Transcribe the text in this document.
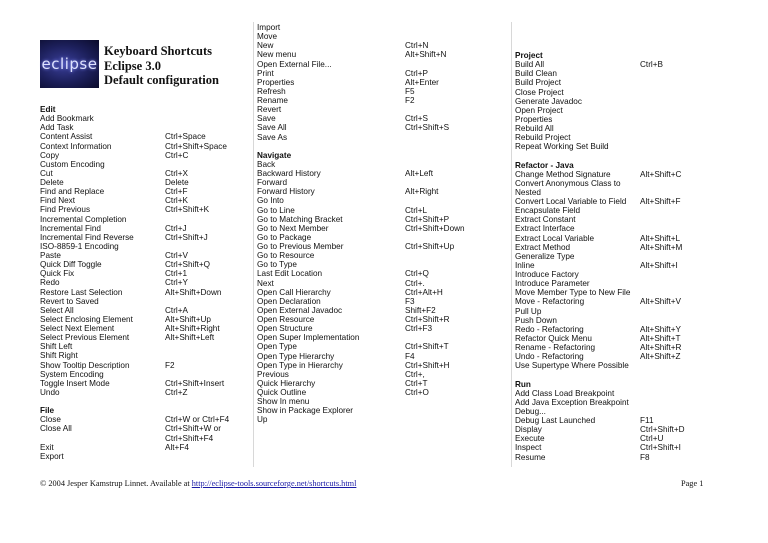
eclipse
Keyboard Shortcuts
Eclipse 3.0
Default configuration
Edit
Add Bookmark
Add Task
Content Assist	Ctrl+Space
Context Information	Ctrl+Shift+Space
Copy	Ctrl+C
Custom Encoding
Cut	Ctrl+X
Delete	Delete
Find and Replace	Ctrl+F
Find Next	Ctrl+K
Find Previous	Ctrl+Shift+K
Incremental Completion
Incremental Find	Ctrl+J
Incremental Find Reverse	Ctrl+Shift+J
ISO-8859-1 Encoding
Paste	Ctrl+V
Quick Diff Toggle	Ctrl+Shift+Q
Quick Fix	Ctrl+1
Redo	Ctrl+Y
Restore Last Selection	Alt+Shift+Down
Revert to Saved
Select All	Ctrl+A
Select Enclosing Element	Alt+Shift+Up
Select Next Element	Alt+Shift+Right
Select Previous Element	Alt+Shift+Left
Shift Left
Shift Right
Show Tooltip Description	F2
System Encoding
Toggle Insert Mode	Ctrl+Shift+Insert
Undo	Ctrl+Z
File
Close	Ctrl+W or Ctrl+F4
Close All	Ctrl+Shift+W or
Ctrl+Shift+F4
Exit	Alt+F4
Export
Import
Move
New	Ctrl+N
New menu	Alt+Shift+N
Open External File...
Print	Ctrl+P
Properties	Alt+Enter
Refresh	F5
Rename	F2
Revert
Save	Ctrl+S
Save All	Ctrl+Shift+S
Save As
Navigate
Back
Backward History	Alt+Left
Forward
Forward History	Alt+Right
Go Into
Go to Line	Ctrl+L
Go to Matching Bracket	Ctrl+Shift+P
Go to Next Member	Ctrl+Shift+Down
Go to Package
Go to Previous Member	Ctrl+Shift+Up
Go to Resource
Go to Type
Last Edit Location	Ctrl+Q
Next	Ctrl+.
Open Call Hierarchy	Ctrl+Alt+H
Open Declaration	F3
Open External Javadoc	Shift+F2
Open Resource	Ctrl+Shift+R
Open Structure	Ctrl+F3
Open Super Implementation
Open Type	Ctrl+Shift+T
Open Type Hierarchy	F4
Open Type in Hierarchy	Ctrl+Shift+H
Previous	Ctrl+,
Quick Hierarchy	Ctrl+T
Quick Outline	Ctrl+O
Show In menu
Show in Package Explorer
Up
Project
Build All	Ctrl+B
Build Clean
Build Project
Close Project
Generate Javadoc
Open Project
Properties
Rebuild All
Rebuild Project
Repeat Working Set Build
Refactor - Java
Change Method Signature	Alt+Shift+C
Convert Anonymous Class to
Nested
Convert Local Variable to Field Alt+Shift+F
Encapsulate Field
Extract Constant
Extract Interface
Extract Local Variable	Alt+Shift+L
Extract Method	Alt+Shift+M
Generalize Type
Inline	Alt+Shift+I
Introduce Factory
Introduce Parameter
Move Member Type to New File
Move - Refactoring	Alt+Shift+V
Pull Up
Push Down
Redo - Refactoring	Alt+Shift+Y
Refactor Quick Menu	Alt+Shift+T
Rename - Refactoring	Alt+Shift+R
Undo - Refactoring	Alt+Shift+Z
Use Supertype Where Possible
Run
Add Class Load Breakpoint
Add Java Exception Breakpoint
Debug...
Debug Last Launched	F11
Display	Ctrl+Shift+D
Execute	Ctrl+U
Inspect	Ctrl+Shift+I
Resume	F8
© 2004 Jesper Kamstrup Linnet. Available at http://eclipse-tools.sourceforge.net/shortcuts.html	Page 1
